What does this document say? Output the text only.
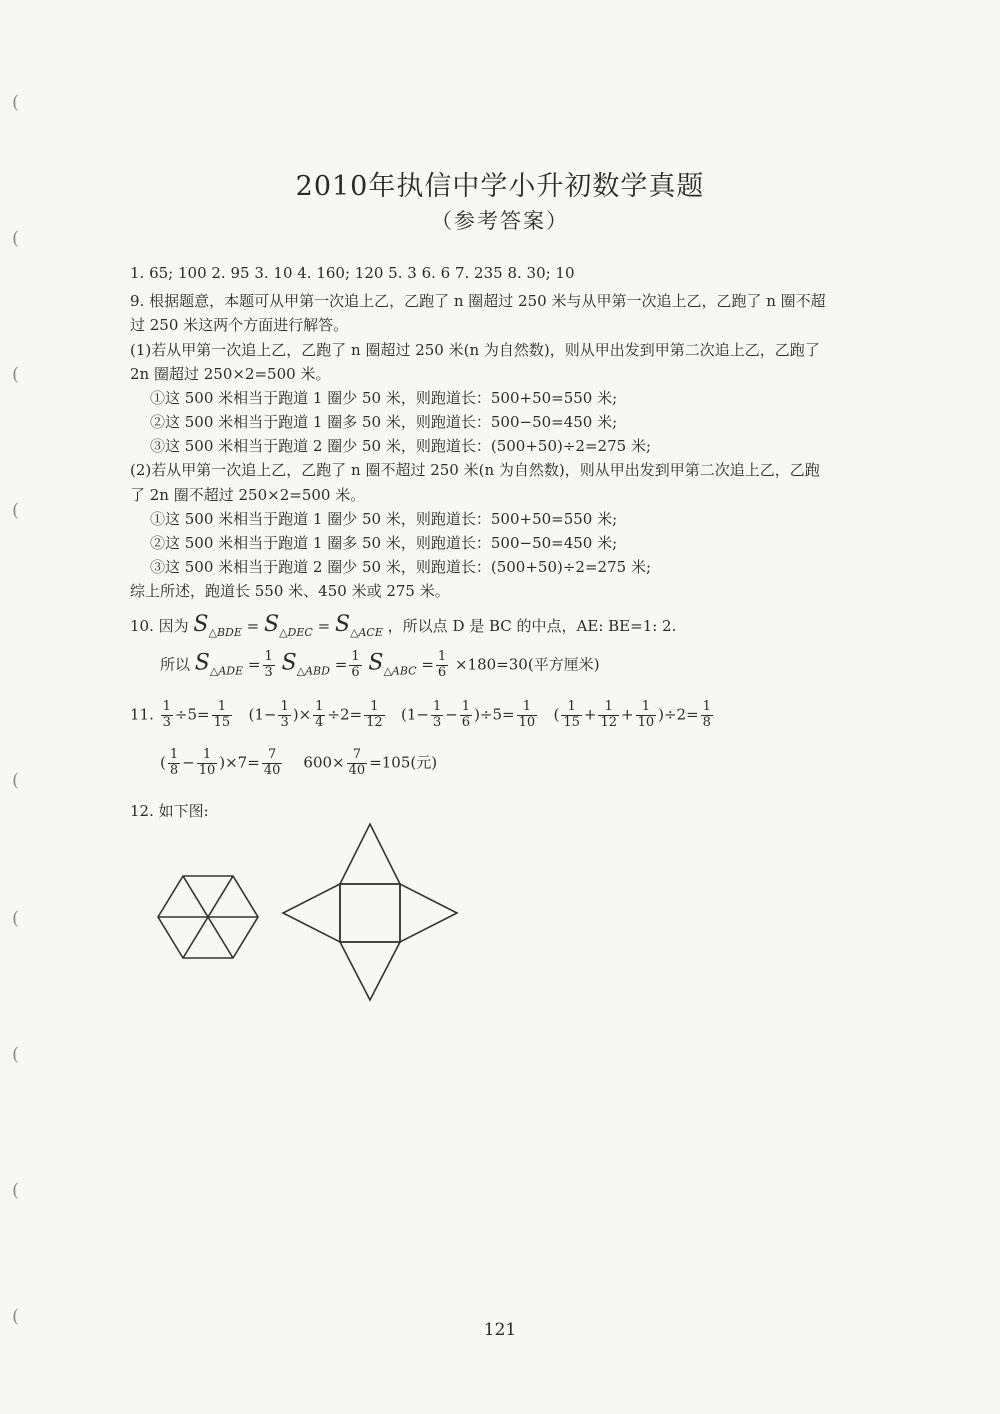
(
(
(
(
(
(
(
(
(
2010年执信中学小升初数学真题
（参考答案）
1. 65; 100 2. 95 3. 10 4. 160; 120 5. 3 6. 6 7. 235 8. 30; 10
9. 根据题意，本题可从甲第一次追上乙，乙跑了 n 圈超过 250 米与从甲第一次追上乙，乙跑了 n 圈不超
过 250 米这两个方面进行解答。
(1)若从甲第一次追上乙，乙跑了 n 圈超过 250 米(n 为自然数)，则从甲出发到甲第二次追上乙，乙跑了
2n 圈超过 250×2=500 米。
①这 500 米相当于跑道 1 圈少 50 米，则跑道长：500+50=550 米;
②这 500 米相当于跑道 1 圈多 50 米，则跑道长：500−50=450 米;
③这 500 米相当于跑道 2 圈少 50 米，则跑道长：(500+50)÷2=275 米;
(2)若从甲第一次追上乙，乙跑了 n 圈不超过 250 米(n 为自然数)，则从甲出发到甲第二次追上乙，乙跑
了 2n 圈不超过 250×2=500 米。
①这 500 米相当于跑道 1 圈少 50 米，则跑道长：500+50=550 米;
②这 500 米相当于跑道 1 圈多 50 米，则跑道长：500−50=450 米;
③这 500 米相当于跑道 2 圈少 50 米，则跑道长：(500+50)÷2=275 米;
综上所述，跑道长 550 米、450 米或 275 米。
10. 因为 $S_{\triangle BDE} = S_{\triangle DEC} = S_{\triangle ACE}$ ，所以点 D 是 BC 的中点，AE: BE=1: 2.
所以 $S_{\triangle ADE} = \frac{1}{3} S_{\triangle ABD} = \frac{1}{6} S_{\triangle ABC} = \frac{1}{6} \times 180=30$(平方厘米)
11. $\frac{1}{3} \div 5= \frac{1}{15} (1- \frac{1}{3}$ )× $\frac{1}{4} \div 2= \frac{1}{12} (1- \frac{1}{3} - \frac{1}{6} )\div 5= \frac{1}{10}$ ( $\frac{1}{15} + \frac{1}{12} + \frac{1}{10} )\div 2= \frac{1}{8}$
( $\frac{1}{8} - \frac{1}{10} )\times 7= \frac{7}{40} 600\times \frac{7}{40} =105$(元)
12. 如下图:
121
